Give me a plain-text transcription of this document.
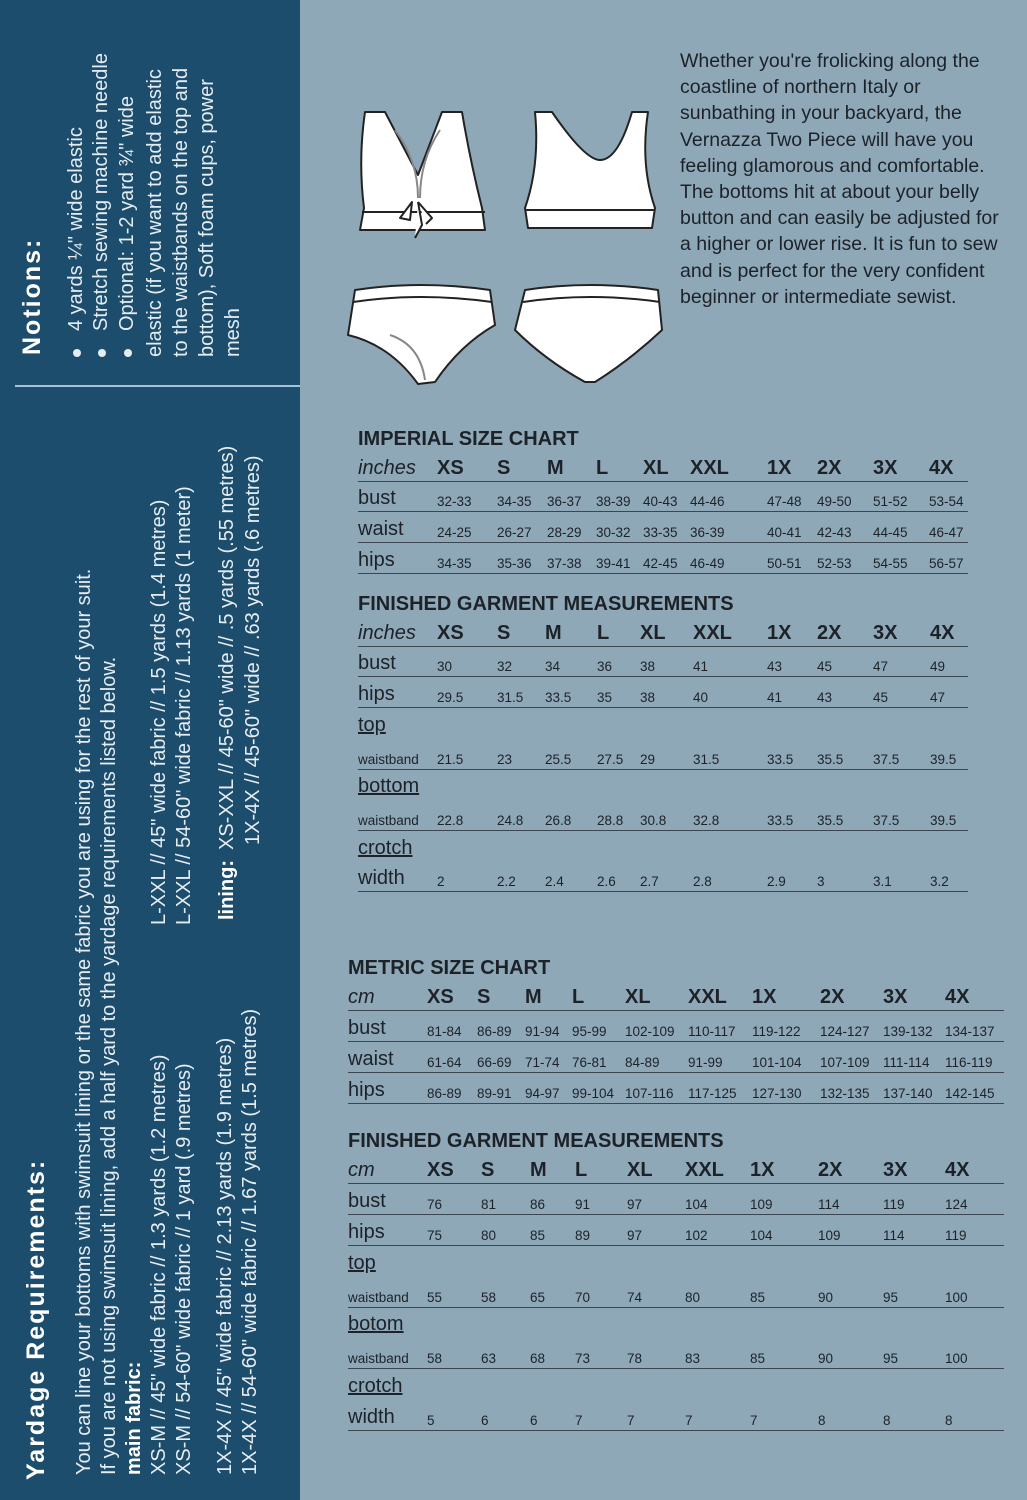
Yardage Requirements: You can line your bottoms with swimsuit lining or the same fabric you are using for the rest of your suit. If you are not using swimsuit lining, add a half yard to the yardage requirements listed below. main fabric: XS-M // 45" wide fabric // 1.3 yards (1.2 metres) XS-M // 54-60" wide fabric // 1 yard (.9 metres) 1X-4X // 45" wide fabric // 2.13 yards (1.9 metres) 1X-4X // 54-60" wide fabric // 1.67 yards (1.5 metres)
L-XXL // 45" wide fabric // 1.5 yards (1.4 metres) L-XXL // 54-60" wide fabric // 1.13 yards (1 meter) lining:
XS-XXL // 45-60" wide // .5 yards (.55 metres) 1X-4X // 45-60" wide // .63 yards (.6 metres)
Notions: 4 yards ¼" wide elastic Stretch sewing machine needle Optional: 1-2 yard ¾" wide elastic (if you want to add elastic to the waistbands on the top and bottom), Soft foam cups, power mesh
Whether you're frolicking along the coastline of northern Italy or sunbathing in your backyard, the Vernazza Two Piece will have you feeling glamorous and comfortable. The bottoms hit at about your belly button and can easily be adjusted for a higher or lower rise. It is fun to sew and is perfect for the very confident beginner or intermediate sewist.
IMPERIAL SIZE CHART
inches XS S M L XL XXL 1X 2X 3X 4X
bust	32-33 34-35 36-37 38-39 40-43 44-46	47-48 49-50 51-52 53-54
waist 24-25 26-27 28-29 30-32 33-35 36-39	40-41 42-43 44-45 46-47
hips	34-35 35-36 37-38 39-41 42-45 46-49	50-51 52-53 54-55 56-57
FINISHED GARMENT MEASUREMENTS
inches XS S M L XL XXL 1X 2X 3X 4X
bust	30	32 34	36 38	41	43	45	47	49
hips	29.5 31.5 33.5 35 38	40	41	43	45	47
top
waistband 21.5 23 25.5 27.5 29	31.5	33.5 35.5 37.5 39.5
bottom
waistband 22.8 24.8 26.8 28.8 30.8 32.8	33.5 35.5 37.5 39.5
crotch
width 2	2.2 2.4 2.6 2.7	2.8	2.9 3	3.1	3.2
METRIC SIZE CHART
cm	XS S M L XL XXL 1X 2X 3X 4X
bust	81-84 86-89 91-94 95-99 102-109 110-117 119-122 124-127 139-132 134-137
waist 61-64 66-69 71-74 76-81 84-89 91-99 101-104 107-109 111-114 116-119
hips	86-89 89-91 94-97 99-104 107-116 117-125 127-130 132-135 137-140 142-145
FINISHED GARMENT MEASUREMENTS
cm	XS S M L XL XXL 1X 2X 3X 4X
bust	76	81	86 91	97	104	109	114	119	124
hips	75	80	85 89	97	102	104	109	114	119
top
waistband 55	58	65 70	74	80	85	90	95	100
botom
waistband 58	63	68 73	78	83	85	90	95	100
crotch
width 5	6	6	7	7	7	7	8	8	8
